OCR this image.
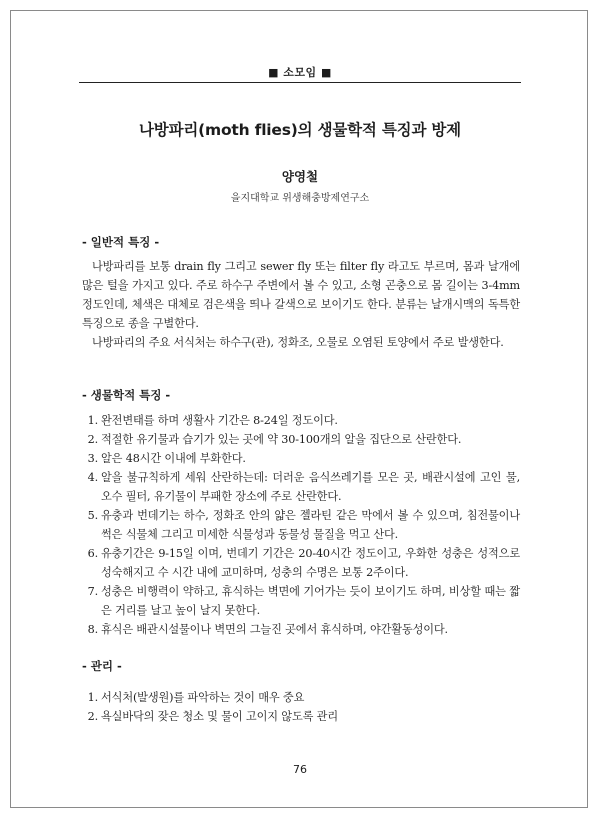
■ 소모임 ■
나방파리(moth flies)의 생물학적 특징과 방제
양영철
을지대학교 위생해충방제연구소
- 일반적 특징 -

나방파리를 보통 drain fly 그리고 sewer fly 또는 filter fly 라고도 부르며, 몸과 날개에 많은 털을 가지고 있다. 주로 하수구 주변에서 볼 수 있고, 소형 곤충으로 몸 길이는 3-4mm 정도인데, 체색은 대체로 검은색을 띄나 갈색으로 보이기도 한다. 분류는 날개시맥의 독특한 특징으로 종을 구별한다.

나방파리의 주요 서식처는 하수구(관), 정화조, 오물로 오염된 토양에서 주로 발생한다.

- 생물학적 특징 -
1. 완전변태를 하며 생활사 기간은 8-24일 정도이다.
2. 적절한 유기물과 습기가 있는 곳에 약 30-100개의 알을 집단으로 산란한다.
3. 알은 48시간 이내에 부화한다.
4. 알을 불규칙하게 세워 산란하는데: 더러운 음식쓰레기를 모은 곳, 배관시설에 고인 물, 오수 필터, 유기물이 부패한 장소에 주로 산란한다.
5. 유충과 번데기는 하수, 정화조 안의 얇은 젤라틴 같은 막에서 볼 수 있으며, 침전물이나 썩은 식물체 그리고 미세한 식물성과 동물성 물질을 먹고 산다.
6. 유충기간은 9-15일 이며, 번데기 기간은 20-40시간 정도이고, 우화한 성충은 성적으로 성숙해지고 수 시간 내에 교미하며, 성충의 수명은 보통 2주이다.
7. 성충은 비행력이 약하고, 휴식하는 벽면에 기어가는 듯이 보이기도 하며, 비상할 때는 짧은 거리를 날고 높이 날지 못한다.
8. 휴식은 배관시설물이나 벽면의 그늘진 곳에서 휴식하며, 야간활동성이다.
- 관리 -
1. 서식처(발생원)를 파악하는 것이 매우 중요
2. 욕실바닥의 잦은 청소 및 물이 고이지 않도록 관리
76
